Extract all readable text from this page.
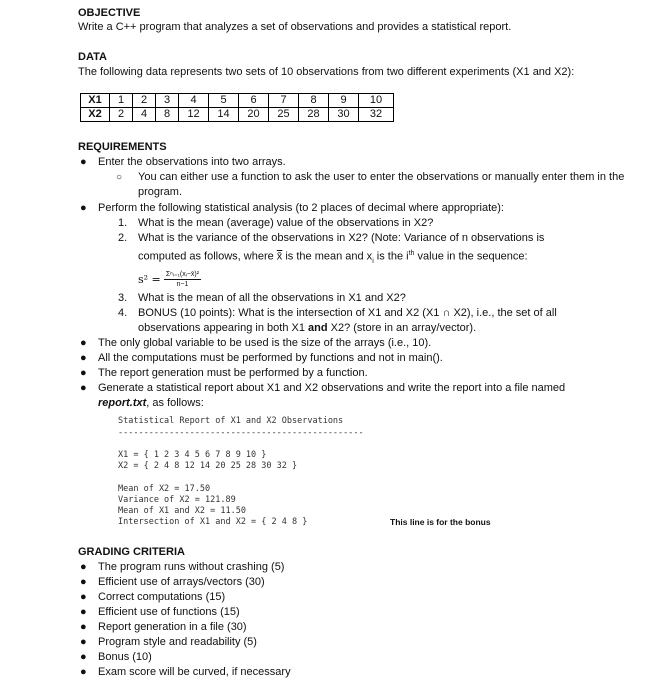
OBJECTIVE
Write a C++ program that analyzes a set of observations and provides a statistical report.
DATA
The following data represents two sets of 10 observations from two different experiments (X1 and X2):
X1	1	2	3	4	5	6	7	8	9	10
X2	2	4	8	12	14	20	25	28	30	32
REQUIREMENTS
● Enter the observations into two arrays.
○ You can either use a function to ask the user to enter the observations or manually enter them in the program.
● Perform the following statistical analysis (to 2 places of decimal where appropriate):
1. What is the mean (average) value of the observations in X2?
2. What is the variance of the observations in X2? (Note: Variance of n observations is
computed as follows, where x̄ is the mean and $x_i$ is the $i^{th}$ value in the sequence:
$s^2 = \frac{\text{Σⁿᵢ₌₁(xᵢ−x̄)²}}{n-1}$
3. What is the mean of all the observations in X1 and X2?
4. BONUS (10 points): What is the intersection of X1 and X2 (X1 ∩ X2), i.e., the set of all
observations appearing in both X1 and X2? (store in an array/vector).
● The only global variable to be used is the size of the arrays (i.e., 10).
● All the computations must be performed by functions and not in main().
● The report generation must be performed by a function.
● Generate a statistical report about X1 and X2 observations and write the report into a file named
report.txt, as follows:
Statistical Report of X1 and X2 Observations
------------------------------------------------
X1 = { 1 2 3 4 5 6 7 8 9 10 }
X2 = { 2 4 8 12 14 20 25 28 30 32 }
Mean of X2 = 17.50
Variance of X2 = 121.89
Mean of X1 and X2 = 11.50
Intersection of X1 and X2 = { 2 4 8 }	This line is for the bonus
GRADING CRITERIA
● The program runs without crashing (5)
● Efficient use of arrays/vectors (30)
● Correct computations (15)
● Efficient use of functions (15)
● Report generation in a file (30)
● Program style and readability (5)
● Bonus (10)
● Exam score will be curved, if necessary
